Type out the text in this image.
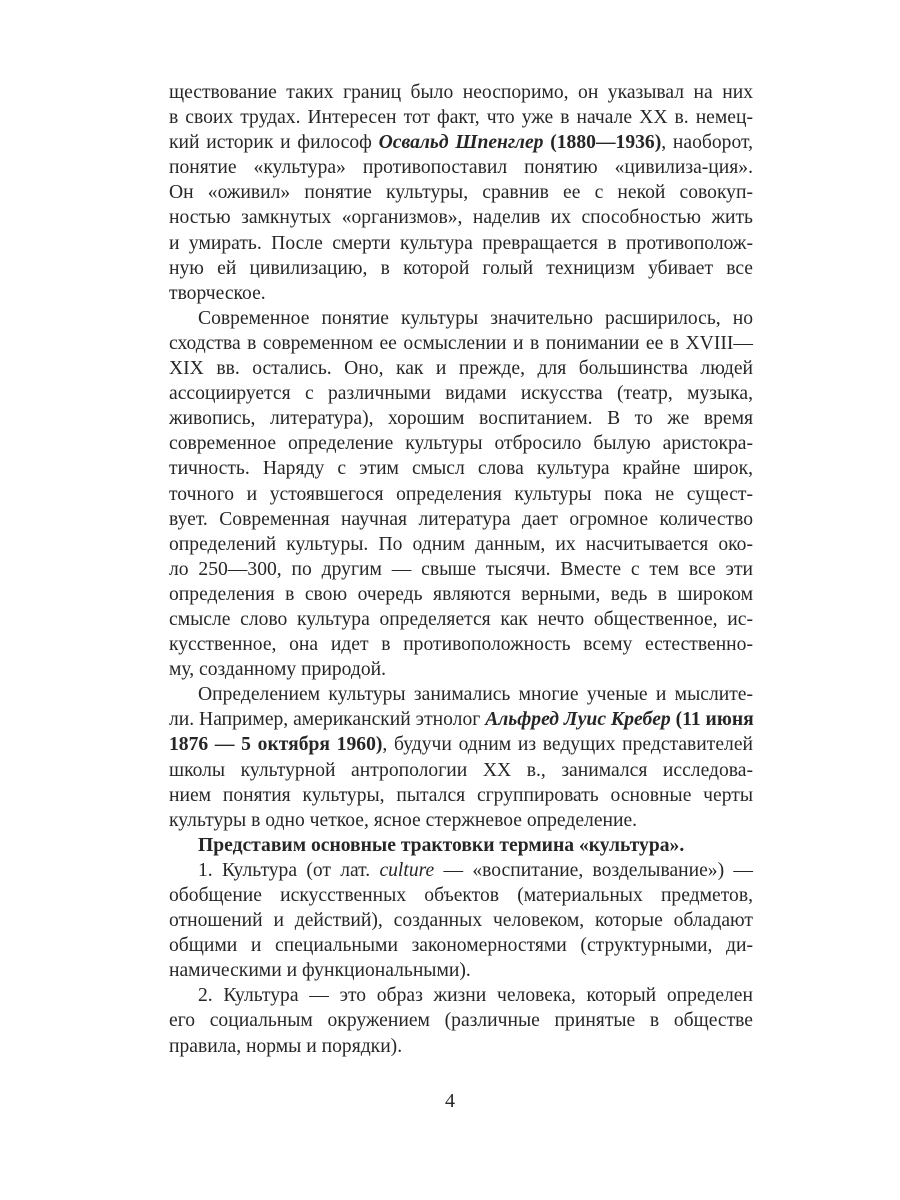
ществование таких границ было неоспоримо, он указывал на них
в своих трудах. Интересен тот факт, что уже в начале XX в. немец-
кий историк и философ Освальд Шпенглер (1880—1936), наоборот,
понятие «культура» противопоставил понятию «цивилиза-ция».
Он «оживил» понятие культуры, сравнив ее с некой совокуп-
ностью замкнутых «организмов», наделив их способностью жить
и умирать. После смерти культура превращается в противополож-
ную ей цивилизацию, в которой голый техницизм убивает все
творческое.
Современное понятие культуры значительно расширилось, но
сходства в современном ее осмыслении и в понимании ее в XVIII—
XIX вв. остались. Оно, как и прежде, для большинства людей
ассоциируется с различными видами искусства (театр, музыка,
живопись, литература), хорошим воспитанием. В то же время
современное определение культуры отбросило былую аристокра-
тичность. Наряду с этим смысл слова культура крайне широк,
точного и устоявшегося определения культуры пока не сущест-
вует. Современная научная литература дает огромное количество
определений культуры. По одним данным, их насчитывается око-
ло 250—300, по другим — свыше тысячи. Вместе с тем все эти
определения в свою очередь являются верными, ведь в широком
смысле слово культура определяется как нечто общественное, ис-
кусственное, она идет в противоположность всему естественно-
му, созданному природой.
Определением культуры занимались многие ученые и мыслите-
ли. Например, американский этнолог Альфред Луис Кребер (11 июня
1876 — 5 октября 1960), будучи одним из ведущих представителей
школы культурной антропологии XX в., занимался исследова-
нием понятия культуры, пытался сгруппировать основные черты
культуры в одно четкое, ясное стержневое определение.
Представим основные трактовки термина «культура».
1. Культура (от лат. culture — «воспитание, возделывание») —
обобщение искусственных объектов (материальных предметов,
отношений и действий), созданных человеком, которые обладают
общими и специальными закономерностями (структурными, ди-
намическими и функциональными).
2. Культура — это образ жизни человека, который определен
его социальным окружением (различные принятые в обществе
правила, нормы и порядки).
4
